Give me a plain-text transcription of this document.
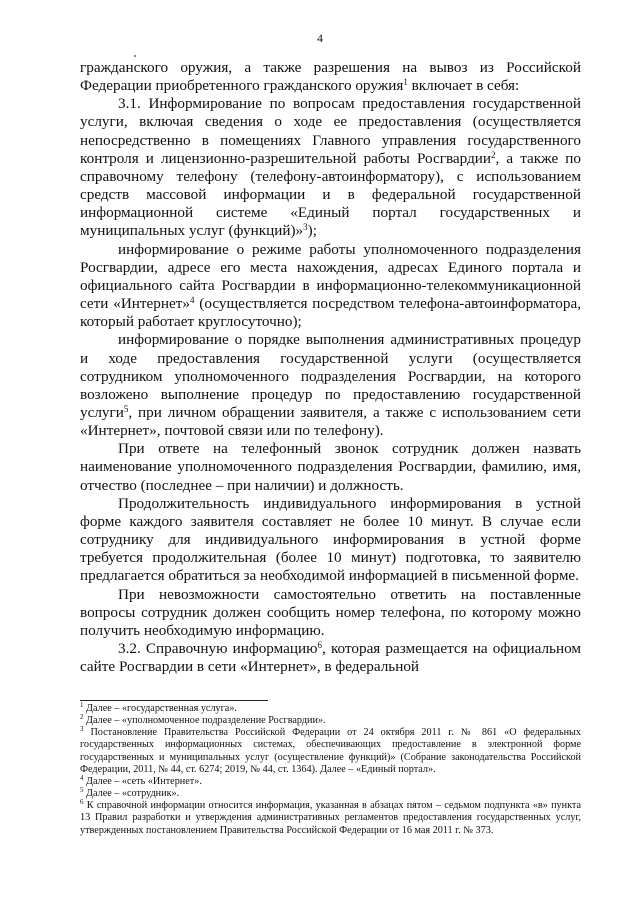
4

гражданского оружия, а также разрешения на вывоз из Российской Федерации приобретенного гражданского оружия$^1$ включает в себя:

3.1. Информирование по вопросам предоставления государственной услуги, включая сведения о ходе ее предоставления (осуществляется непосредственно в помещениях Главного управления государственного контроля и лицензионно-разрешительной работы Росгвардии$^2$, а также по справочному телефону (телефону-автоинформатору), с использованием средств массовой информации и в федеральной государственной информационной системе «Единый портал государственных и муниципальных услуг (функций)»$^3$);

информирование о режиме работы уполномоченного подразделения Росгвардии, адресе его места нахождения, адресах Единого портала и официального сайта Росгвардии в информационно-телекоммуникационной сети «Интернет»$^4$ (осуществляется посредством телефона-автоинформатора, который работает круглосуточно);

информирование о порядке выполнения административных процедур и ходе предоставления государственной услуги (осуществляется сотрудником уполномоченного подразделения Росгвардии, на которого возложено выполнение процедур по предоставлению государственной услуги$^5$, при личном обращении заявителя, а также с использованием сети «Интернет», почтовой связи или по телефону).

При ответе на телефонный звонок сотрудник должен назвать наименование уполномоченного подразделения Росгвардии, фамилию, имя, отчество (последнее – при наличии) и должность.

Продолжительность индивидуального информирования в устной форме каждого заявителя составляет не более 10 минут. В случае если сотруднику для индивидуального информирования в устной форме требуется продолжительная (более 10 минут) подготовка, то заявителю предлагается обратиться за необходимой информацией в письменной форме.

При невозможности самостоятельно ответить на поставленные вопросы сотрудник должен сообщить номер телефона, по которому можно получить необходимую информацию.

3.2. Справочную информацию$^6$, которая размещается на официальном сайте Росгвардии в сети «Интернет», в федеральной

$^1$ Далее – «государственная услуга».

$^2$ Далее – «уполномоченное подразделение Росгвардии».

$^3$ Постановление Правительства Российской Федерации от 24 октября 2011 г. № 861 «О федеральных государственных информационных системах, обеспечивающих предоставление в электронной форме государственных и муниципальных услуг (осуществление функций)» (Собрание законодательства Российской Федерации, 2011, № 44, ст. 6274; 2019, № 44, ст. 1364). Далее – «Единый портал».

$^4$ Далее – «сеть «Интернет».

$^5$ Далее – «сотрудник».

$^6$ К справочной информации относится информация, указанная в абзацах пятом – седьмом подпункта «в» пункта 13 Правил разработки и утверждения административных регламентов предоставления государственных услуг, утвержденных постановлением Правительства Российской Федерации от 16 мая 2011 г. № 373.
